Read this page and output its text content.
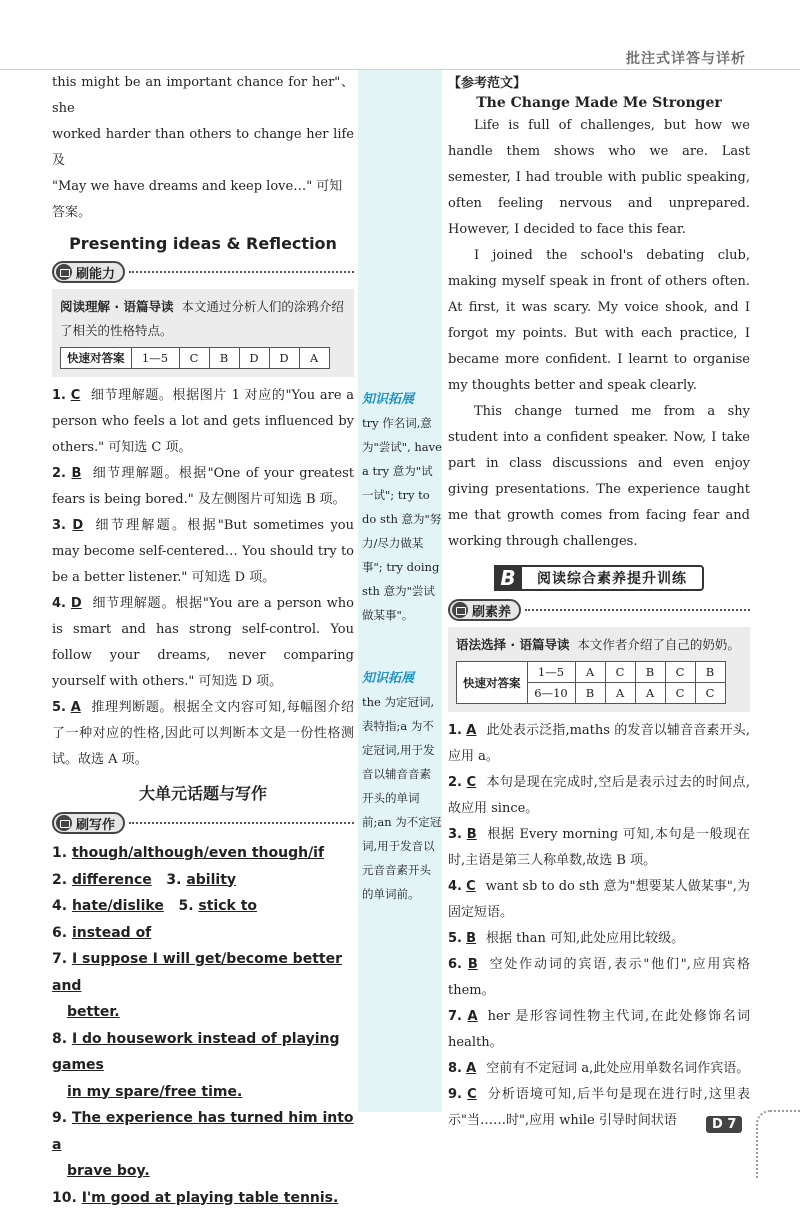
批注式详答与详析
this might be an important chance for her"、she
worked harder than others to change her life 及
"May we have dreams and keep love…" 可知
答案。
Presenting ideas & Reflection
刷能力
阅读理解 · 语篇导读 本文通过分析人们的涂鸦介绍了相关的性格特点。
快速对答案	1—5	C	B	D	D	A
1. C 细节理解题。根据图片 1 对应的"You are a person who feels a lot and gets influenced by others." 可知选 C 项。
2. B 细节理解题。根据"One of your greatest fears is being bored." 及左侧图片可知选 B 项。
3. D 细节理解题。根据"But sometimes you may become self-centered… You should try to be a better listener." 可知选 D 项。
4. D 细节理解题。根据"You are a person who is smart and has strong self-control. You follow your dreams, never comparing yourself with others." 可知选 D 项。
5. A 推理判断题。根据全文内容可知,每幅图介绍了一种对应的性格,因此可以判断本文是一份性格测试。故选 A 项。
大单元话题与写作
刷写作
1. though/although/even though/if
2. difference 3. ability
4. hate/dislike 5. stick to
6. instead of
7. I suppose I will get/become better and
better.
8. I do housework instead of playing games
in my spare/free time.
9. The experience has turned him into a
brave boy.
10. I'm good at playing table tennis.
知识拓展
try 作名词,意为"尝试", have a try 意为"试一试"; try to do sth 意为"努力/尽力做某事"; try doing sth 意为"尝试做某事"。
知识拓展
the 为定冠词,表特指;a 为不定冠词,用于发音以辅音音素开头的单词前;an 为不定冠词,用于发音以元音音素开头的单词前。
【参考范文】
The Change Made Me Stronger
Life is full of challenges, but how we handle them shows who we are. Last semester, I had trouble with public speaking, often feeling nervous and unprepared. However, I decided to face this fear.
I joined the school's debating club, making myself speak in front of others often. At first, it was scary. My voice shook, and I forgot my points. But with each practice, I became more confident. I learnt to organise my thoughts better and speak clearly.
This change turned me from a shy student into a confident speaker. Now, I take part in class discussions and even enjoy giving presentations. The experience taught me that growth comes from facing fear and working through challenges.
B	阅读综合素养提升训练
刷素养
语法选择 · 语篇导读 本文作者介绍了自己的奶奶。
快速对答案	1—5	A	C	B	C	B
	6—10	B	A	A	C	C
1. A 此处表示泛指,maths 的发音以辅音音素开头,应用 a。
2. C 本句是现在完成时,空后是表示过去的时间点,故应用 since。
3. B 根据 Every morning 可知,本句是一般现在时,主语是第三人称单数,故选 B 项。
4. C want sb to do sth 意为"想要某人做某事",为固定短语。
5. B 根据 than 可知,此处应用比较级。
6. B 空处作动词的宾语,表示"他们",应用宾格 them。
7. A her 是形容词性物主代词,在此处修饰名词 health。
8. A 空前有不定冠词 a,此处应用单数名词作宾语。
9. C 分析语境可知,后半句是现在进行时,这里表示"当……时",应用 while 引导时间状语	D 7
